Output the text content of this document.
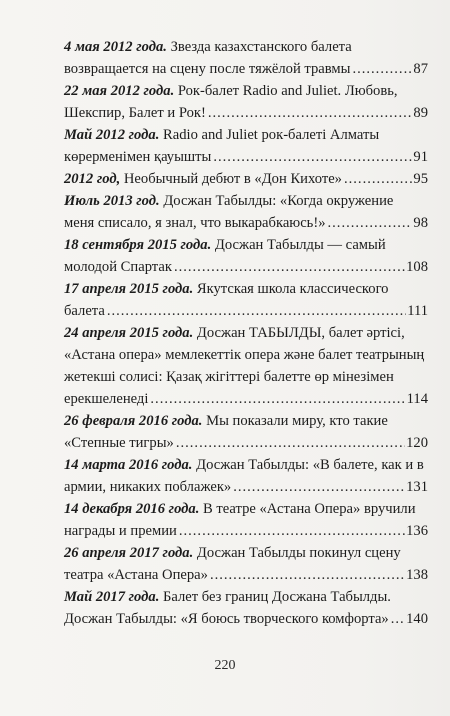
4 мая 2012 года.
Звезда казахстанского балета
возвращается на сцену после тяжёлой травмы .....	87
22 мая 2012 года.
Рок-балет Radio and Juliet. Любовь,
Шекспир, Балет и Рок! .....	89
Май 2012 года.
Radio and Juliet рок-балеті Алматы
көрерменімен қауышты .....	91
2012 год,
Необычный дебют в «Дон Кихоте» .....	95
Июль 2013 год.
Досжан Табылды: «Когда окружение
меня списало, я знал, что выкарабкаюсь!» .....	98
18 сентября 2015 года.
Досжан Табылды — самый
молодой Спартак .....	108
17 апреля 2015 года.
Якутская школа классического
балета .....	111
24 апреля 2015 года.
Досжан ТАБЫЛДЫ, балет әртісі,
«Астана опера» мемлекеттік опера және балет театрының
жетекші солисі: Қазақ жігіттері балетте өр мінезімен
ерекшеленеді .....	114
26 февраля 2016 года.
Мы показали миру, кто такие
«Степные тигры» .....	120
14 марта 2016 года.
Досжан Табылды: «В балете, как и в
армии, никаких поблажек» .....	131
14 декабря 2016 года.
В театре «Астана Опера» вручили
награды и премии .....	136
26 апреля 2017 года.
Досжан Табылды покинул сцену
театра «Астана Опера» .....	138
Май 2017 года.
Балет без границ Досжана Табылды.
Досжан Табылды: «Я боюсь творческого комфорта» ..... 140
220
